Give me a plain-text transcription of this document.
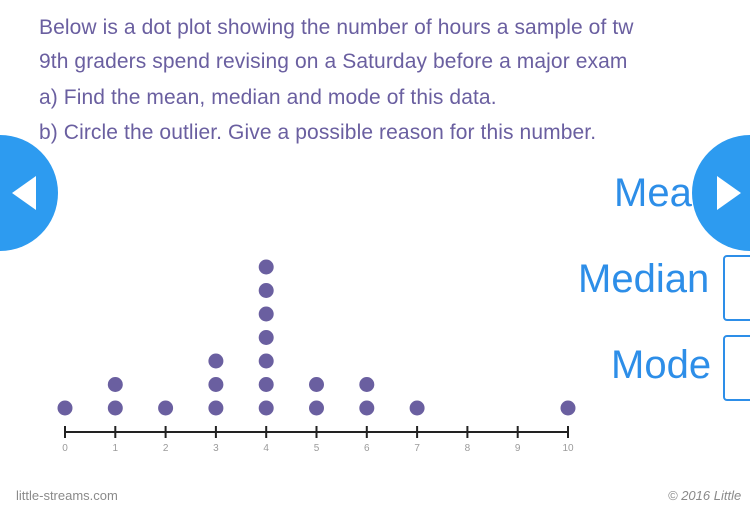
Below is a dot plot showing the number of hours a sample of tw
9th graders spend revising on a Saturday before a major exam
a) Find the mean, median and mode of this data.
b) Circle the outlier. Give a possible reason for this number.
0	1	2	3	4	5	6	7	8	9	10
Mea
Median
Mode
little-streams.com	© 2016 Little
